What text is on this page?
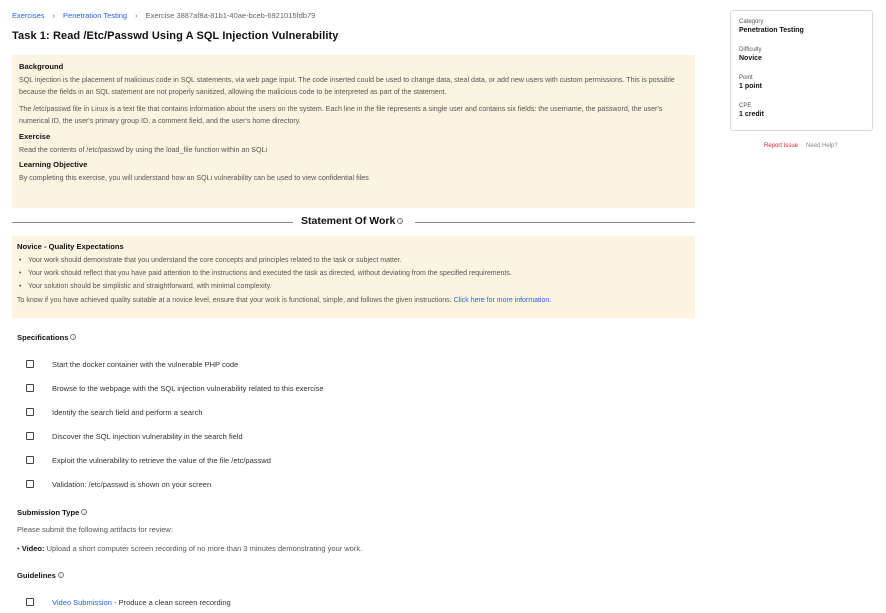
Exercises › Penetration Testing › Exercise 3887af8a-81b1-40ae-bceb-6921015fdb79
Task 1: Read /Etc/Passwd Using A SQL Injection Vulnerability
Background

SQL injection is the placement of malicious code in SQL statements, via web page input. The code inserted could be used to change data, steal data, or add new users with custom permissions. This is possible because the fields in an SQL statement are not properly sanitized, allowing the malicious code to be interpreted as part of the statement.

The /etc/passwd file in Linux is a text file that contains information about the users on the system. Each line in the file represents a single user and contains six fields: the username, the password, the user's numerical ID, the user's primary group ID, a comment field, and the user's home directory.

Exercise

Read the contents of /etc/passwd by using the load_file function within an SQLi

Learning Objective

By completing this exercise, you will understand how an SQLi vulnerability can be used to view confidential files

Statement Of Work i
Novice - Quality Expectations
• Your work should demonstrate that you understand the core concepts and principles related to the task or subject matter.
• Your work should reflect that you have paid attention to the instructions and executed the task as directed, without deviating from the specified requirements.
• Your solution should be simplistic and straightforward, with minimal complexity.
To know if you have achieved quality suitable at a novice level, ensure that your work is functional, simple, and follows the given instructions. Click here for more information.
Specifications i
Start the docker container with the vulnerable PHP code
Browse to the webpage with the SQL injection vulnerability related to this exercise
Identify the search field and perform a search
Discover the SQL injection vulnerability in the search field
Exploit the vulnerability to retrieve the value of the file /etc/passwd
Validation: /etc/passwd is shown on your screen
Submission Type i
Please submit the following artifacts for review:
• Video: Upload a short computer screen recording of no more than 3 minutes demonstrating your work.
Guidelines i
Video Submission - Produce a clean screen recording
Category
Penetration Testing
Difficulty
Novice
Point
1 point
CPE
1 credit
Report Issue · Need Help?
